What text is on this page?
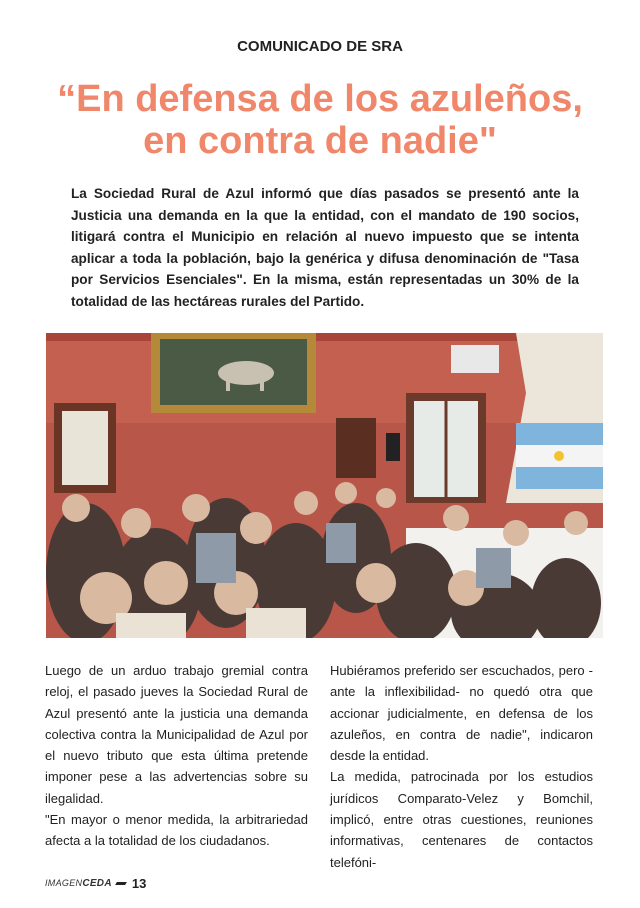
COMUNICADO DE SRA
“En defensa de los azuleños,
en contra de nadie"
La Sociedad Rural de Azul informó que días pasados se presentó ante la Justicia una demanda en la que la entidad, con el mandato de 190 socios, litigará contra el Municipio en relación al nuevo impuesto que se intenta aplicar a toda la población, bajo la genérica y difusa denominación de "Tasa por Servicios Esenciales". En la misma, están representadas un 30% de la totalidad de las hectáreas rurales del Partido.

Luego de un arduo trabajo gremial contra reloj, el pasado jueves la Sociedad Rural de Azul presentó ante la justicia una demanda colectiva contra la Municipalidad de Azul por el nuevo tributo que esta última pretende imponer pese a las advertencias sobre su ilegalidad.

"En mayor o menor medida, la arbitrariedad afecta a la totalidad de los ciudadanos.

Hubiéramos preferido ser escuchados, pero -ante la inflexibilidad- no quedó otra que accionar judicialmente, en defensa de los azuleños, en contra de nadie", indicaron desde la entidad.

La medida, patrocinada por los estudios jurídicos Comparato-Velez y Bomchil, implicó, entre otras cuestiones, reuniones informativas, centenares de contactos telefóni-

IMAGENCEDA 13
